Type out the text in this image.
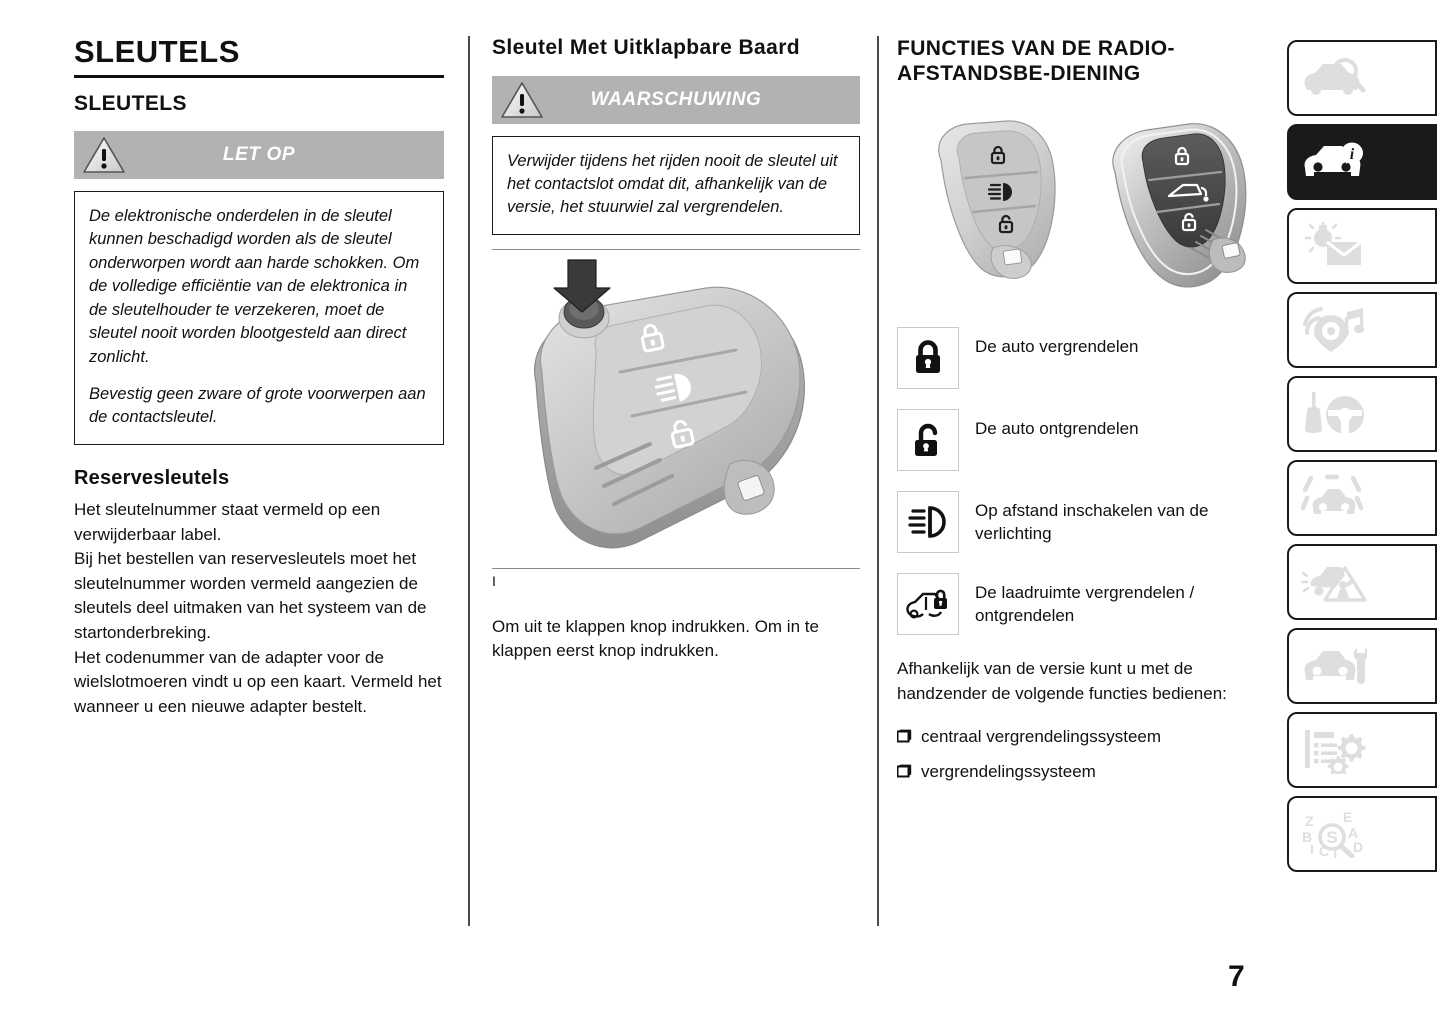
SLEUTELS
SLEUTELS
LET OP

De elektronische onderdelen in de sleutel kunnen beschadigd worden als de sleutel onderworpen wordt aan harde schokken. Om de volledige efficiëntie van de elektronica in de sleutelhouder te verzekeren, moet de sleutel nooit worden blootgesteld aan direct zonlicht.

Bevestig geen zware of grote voorwerpen aan de contactsleutel.

Reservesleutels

Het sleutelnummer staat vermeld op een verwijderbaar label.

Bij het bestellen van reservesleutels moet het sleutelnummer worden vermeld aangezien de sleutels deel uitmaken van het systeem van de startonderbreking.

Het codenummer van de adapter voor de wielslotmoeren vindt u op een kaart. Vermeld het wanneer u een nieuwe adapter bestelt.

Sleutel Met Uitklapbare Baard
WAARSCHUWING

Verwijder tijdens het rijden nooit de sleutel uit het contactslot omdat dit, afhankelijk van de versie, het stuurwiel zal vergrendelen.

I

Om uit te klappen knop indrukken. Om in te klappen eerst knop indrukken.

FUNCTIES VAN DE RADIO-AFSTANDSBE-DIENING
De auto vergrendelen
De auto ontgrendelen
Op afstand inschakelen van de verlichting
De laadruimte vergrendelen / ontgrendelen

Afhankelijk van de versie kunt u met de handzender de volgende functies bedienen:

centraal vergrendelingssysteem
vergrendelingssysteem
i
Z
B
I C T
E
A
D
S
7
